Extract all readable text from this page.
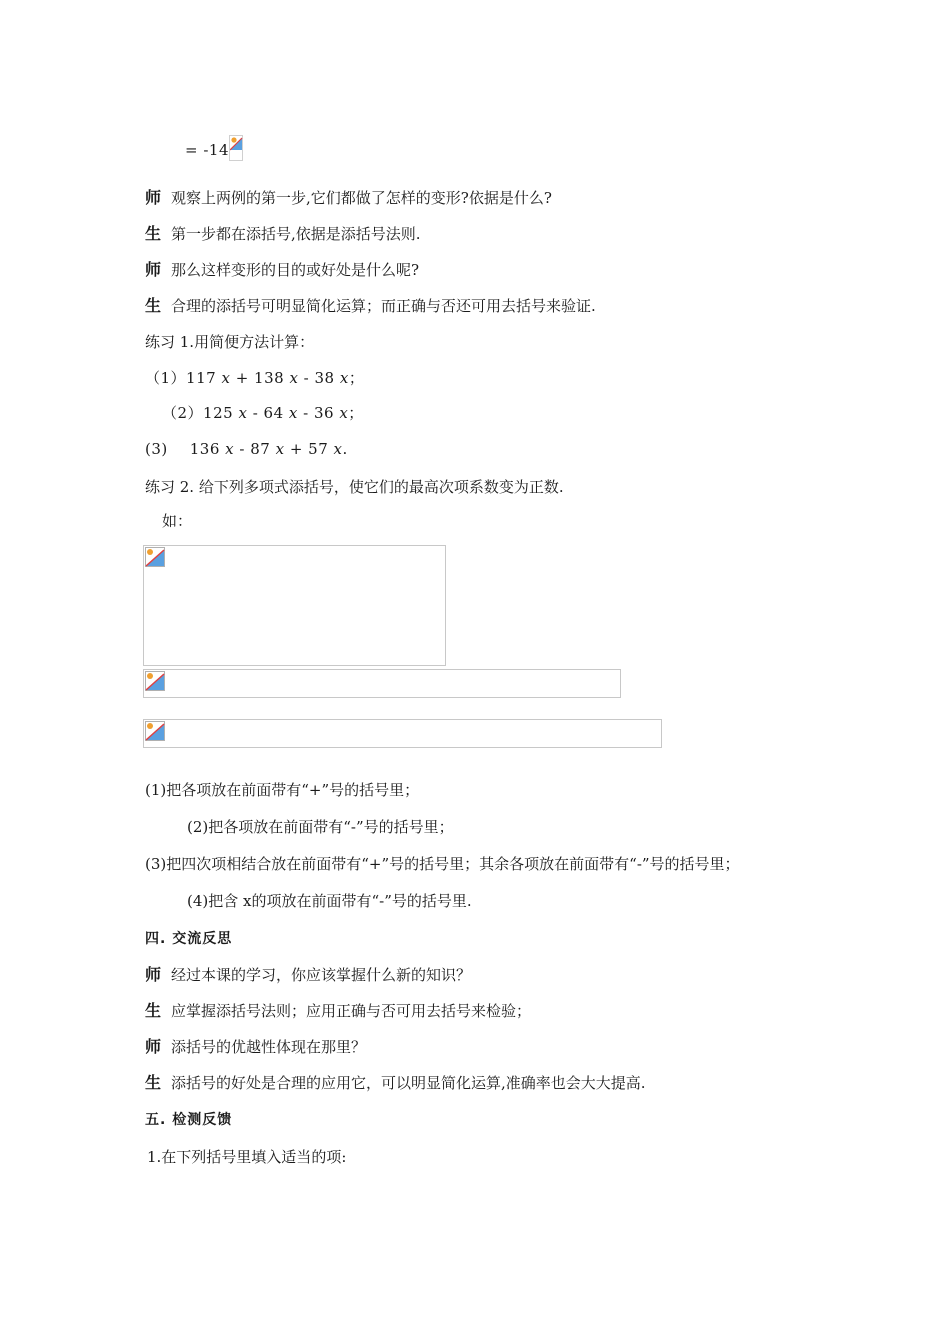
= -14
师 观察上两例的第一步,它们都做了怎样的变形?依据是什么?
生 第一步都在添括号,依据是添括号法则.
师 那么这样变形的目的或好处是什么呢?
生 合理的添括号可明显简化运算；而正确与否还可用去括号来验证.
练习 1.用简便方法计算：
（1）117 x + 138 x - 38 x；
（2）125 x - 64 x - 36 x；
(3) 136 x - 87 x + 57 x.
练习 2. 给下列多项式添括号，使它们的最高次项系数变为正数.
如：
(1)把各项放在前面带有“+”号的括号里；
(2)把各项放在前面带有“-”号的括号里；
(3)把四次项相结合放在前面带有“+”号的括号里；其余各项放在前面带有“-”号的括号里；
(4)把含 x的项放在前面带有“-”号的括号里.
四. 交流反思
师 经过本课的学习，你应该掌握什么新的知识？
生 应掌握添括号法则；应用正确与否可用去括号来检验；
师 添括号的优越性体现在那里？
生 添括号的好处是合理的应用它，可以明显简化运算,准确率也会大大提高.
五. 检测反馈
1.在下列括号里填入适当的项:
